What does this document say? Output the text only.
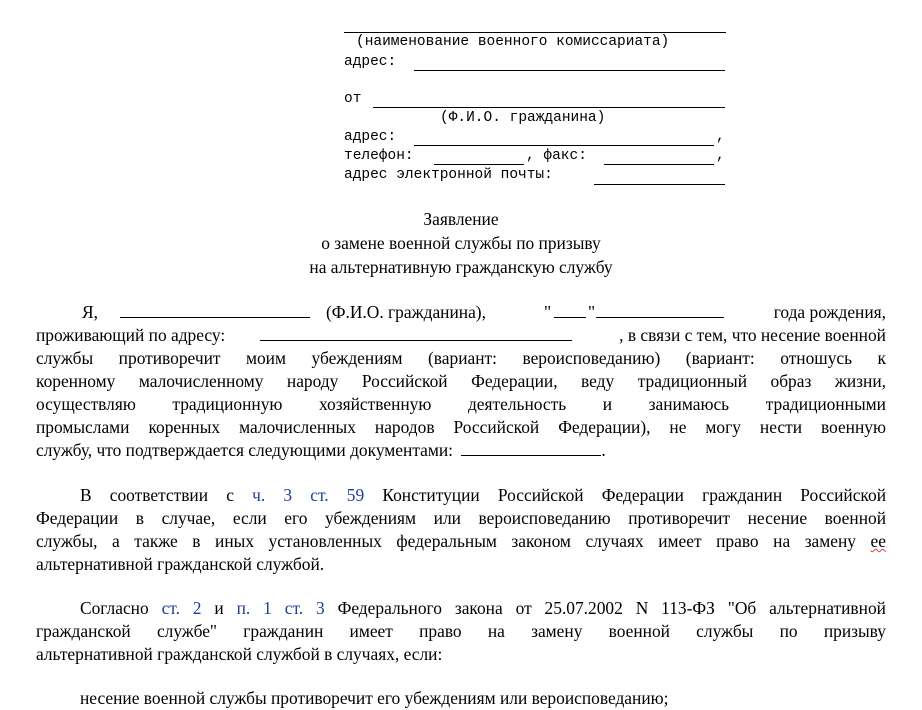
(наименование военного комиссариата)
адрес:
от
(Ф.И.О. гражданина)
адрес:	,
телефон:	, факс:	,
адрес электронной почты:
Заявление
о замене военной службы по призыву
на альтернативную гражданскую службу
Я,	(Ф.И.О. гражданина),	" "	года рождения,
проживающий по адресу:	, в связи с тем, что несение военной
службы противоречит моим убеждениям (вариант: вероисповеданию) (вариант: отношусь к
коренному малочисленному народу Российской Федерации, веду традиционный образ жизни,
осуществляю традиционную хозяйственную деятельность и занимаюсь традиционными
промыслами коренных малочисленных народов Российской Федерации), не могу нести военную
службу, что подтверждается следующими документами:	.
В соответствии с ч. 3 ст. 59 Конституции Российской Федерации гражданин Российской
Федерации в случае, если его убеждениям или вероисповеданию противоречит несение военной
службы, а также в иных установленных федеральным законом случаях имеет право на замену ее
альтернативной гражданской службой.
Согласно ст. 2 и п. 1 ст. 3 Федерального закона от 25.07.2002 N 113-ФЗ "Об альтернативной
гражданской службе" гражданин имеет право на замену военной службы по призыву
альтернативной гражданской службой в случаях, если:
несение военной службы противоречит его убеждениям или вероисповеданию;
